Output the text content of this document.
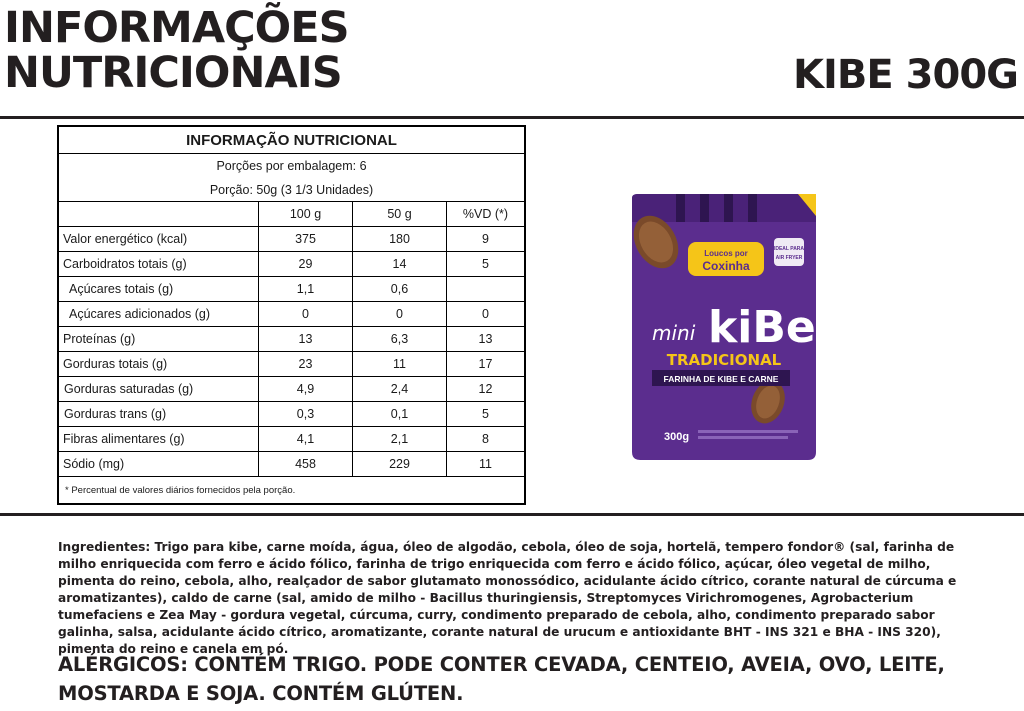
INFORMAÇÕES
NUTRICIONAIS	KIBE 300G
INFORMAÇÃO NUTRICIONAL
Porções por embalagem: 6
Porção: 50g (3 1/3 Unidades)
100 g	50 g	%VD (*)
Valor energético (kcal)	375	180	9
Carboidratos totais (g)	29	14	5
Açúcares totais (g)	1,1	0,6
Açúcares adicionados (g)	0	0	0
Proteínas (g)	13	6,3	13
Gorduras totais (g)	23	11	17
Gorduras saturadas (g)	4,9	2,4	12
Gorduras trans (g)	0,3	0,1	5
Fibras alimentares (g)	4,1	2,1	8
Sódio (mg)	458	229	11
* Percentual de valores diários fornecidos pela porção.
Loucos por
Coxinha
IDEAL PARA
AIR FRYER
mini kiBe
TRADICIONAL
FARINHA DE KIBE E CARNE
300g
Ingredientes: Trigo para kibe, carne moída, água, óleo de algodão, cebola, óleo de soja, hortelã, tempero fondor® (sal, farinha de milho enriquecida com ferro e ácido fólico, farinha de trigo enriquecida com ferro e ácido fólico, açúcar, óleo vegetal de milho, pimenta do reino, cebola, alho, realçador de sabor glutamato monossódico, acidulante ácido cítrico, corante natural de cúrcuma e aromatizantes), caldo de carne (sal, amido de milho - Bacillus thuringiensis, Streptomyces Virichromogenes, Agrobacterium tumefaciens e Zea May - gordura vegetal, cúrcuma, curry, condimento preparado de cebola, alho, condimento preparado sabor galinha, salsa, acidulante ácido cítrico, aromatizante, corante natural de urucum e antioxidante BHT - INS 321 e BHA - INS 320), pimenta do reino e canela em pó.
ALÉRGICOS: CONTÉM TRIGO. PODE CONTER CEVADA, CENTEIO, AVEIA, OVO, LEITE, MOSTARDA E SOJA. CONTÉM GLÚTEN.
